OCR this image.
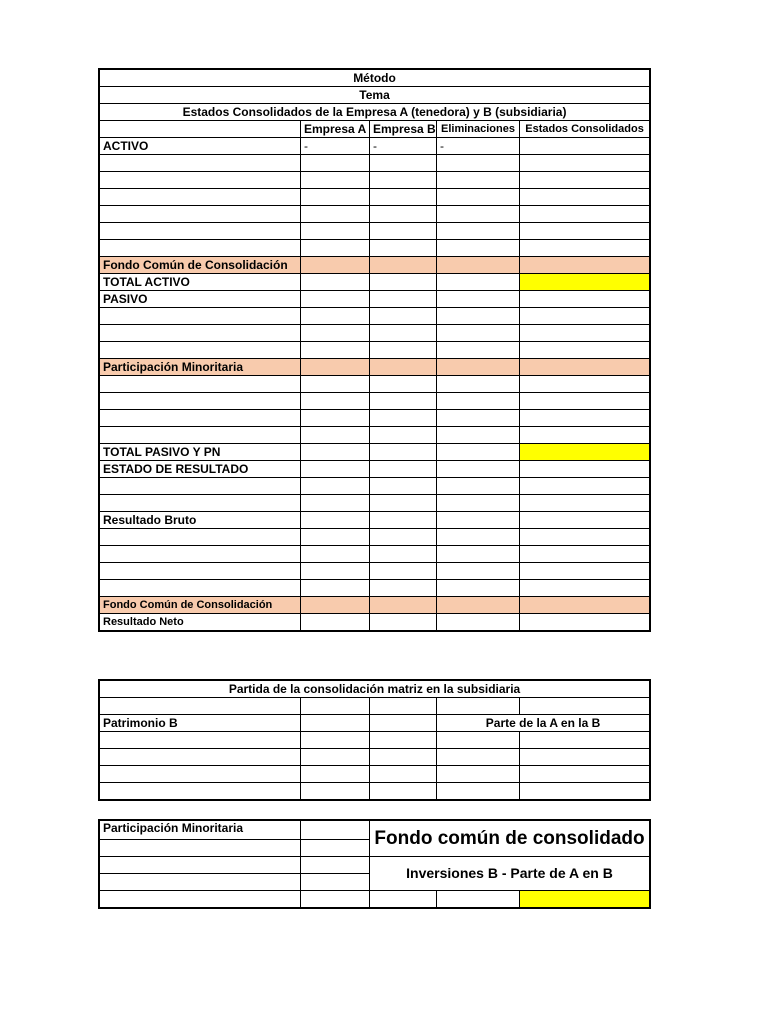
Método				
Tema				
Estados Consolidados de la Empresa A (tenedora) y B (subsidiaria)				
	Empresa A	Empresa B	Eliminaciones	Estados Consolidados
ACTIVO	-	-	-	

Fondo Común de Consolidación				
TOTAL ACTIVO				
PASIVO				

Participación Minoritaria				

TOTAL PASIVO Y PN				
ESTADO DE RESULTADO				

Resultado Bruto				

Fondo Común de Consolidación				
Resultado Neto				
Partida de la consolidación matriz en la subsidiaria				

Patrimonio B			Parte de la A en la B	

Participación Minoritaria		Fondo común de consolidado		

		Inversiones B - Parte de A en B		
